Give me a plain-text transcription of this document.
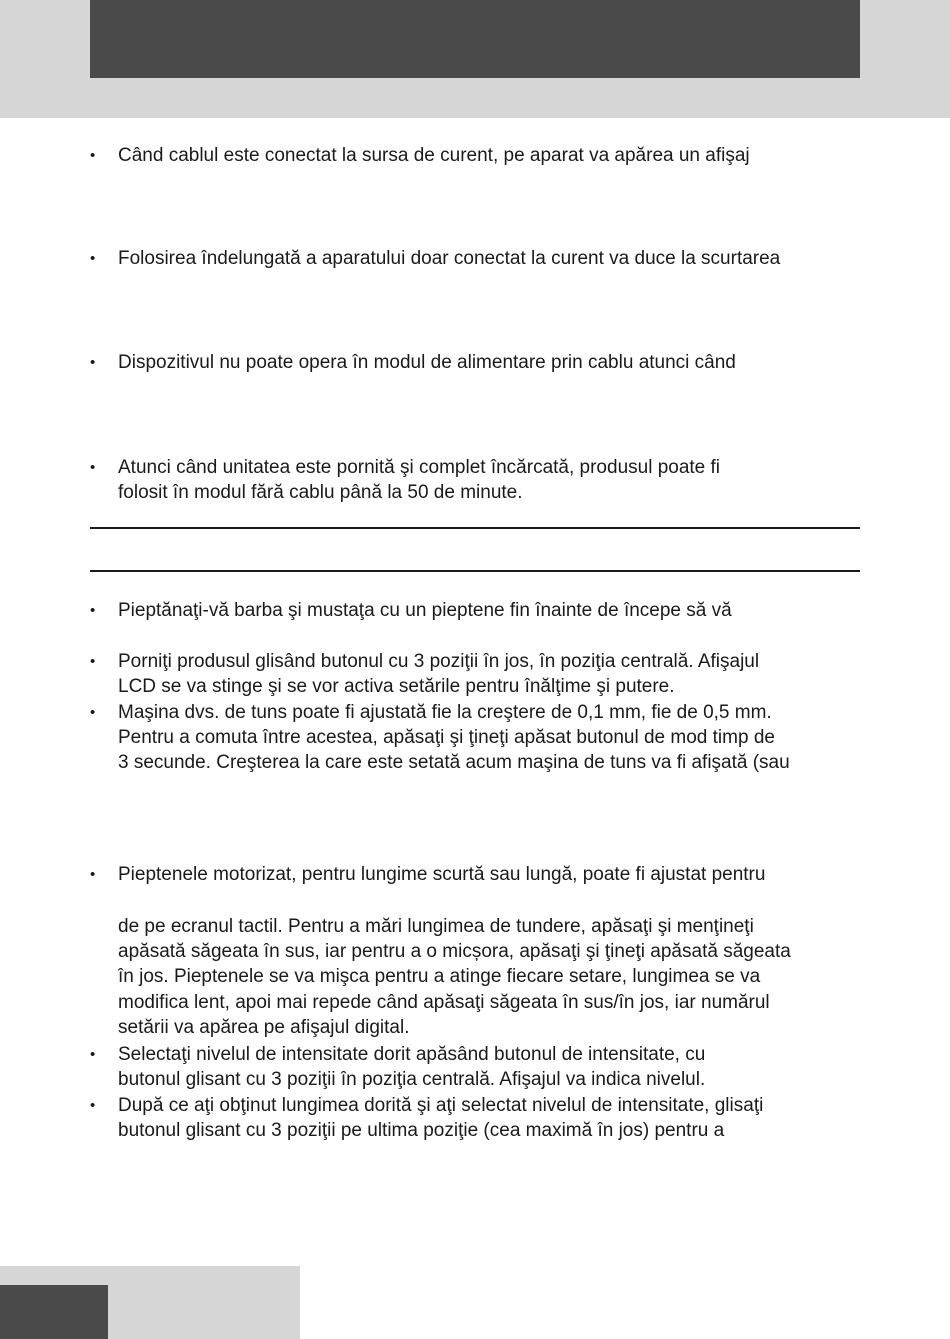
• Când cablul este conectat la sursa de curent, pe aparat va apărea un afişaj
• Folosirea îndelungată a aparatului doar conectat la curent va duce la scurtarea
• Dispozitivul nu poate opera în modul de alimentare prin cablu atunci când
• Atunci când unitatea este pornită şi complet încărcată, produsul poate fi
folosit în modul fără cablu până la 50 de minute.
• Pieptănaţi-vă barba şi mustaţa cu un pieptene fin înainte de începe să vă
• Porniţi produsul glisând butonul cu 3 poziţii în jos, în poziţia centrală. Afişajul
LCD se va stinge şi se vor activa setările pentru înălţime şi putere.
• Maşina dvs. de tuns poate fi ajustată fie la creştere de 0,1 mm, fie de 0,5 mm.
Pentru a comuta între acestea, apăsaţi şi ţineţi apăsat butonul de mod timp de
3 secunde. Creşterea la care este setată acum maşina de tuns va fi afişată (sau
• Pieptenele motorizat, pentru lungime scurtă sau lungă, poate fi ajustat pentru
de pe ecranul tactil. Pentru a mări lungimea de tundere, apăsaţi şi menţineţi
apăsată săgeata în sus, iar pentru a o micșora, apăsaţi şi ţineţi apăsată săgeata
în jos. Pieptenele se va mişca pentru a atinge fiecare setare, lungimea se va
modifica lent, apoi mai repede când apăsaţi săgeata în sus/în jos, iar numărul
setării va apărea pe afişajul digital.
• Selectaţi nivelul de intensitate dorit apăsând butonul de intensitate, cu
butonul glisant cu 3 poziţii în poziţia centrală. Afişajul va indica nivelul.
• După ce aţi obţinut lungimea dorită şi aţi selectat nivelul de intensitate, glisaţi
butonul glisant cu 3 poziţii pe ultima poziţie (cea maximă în jos) pentru a
